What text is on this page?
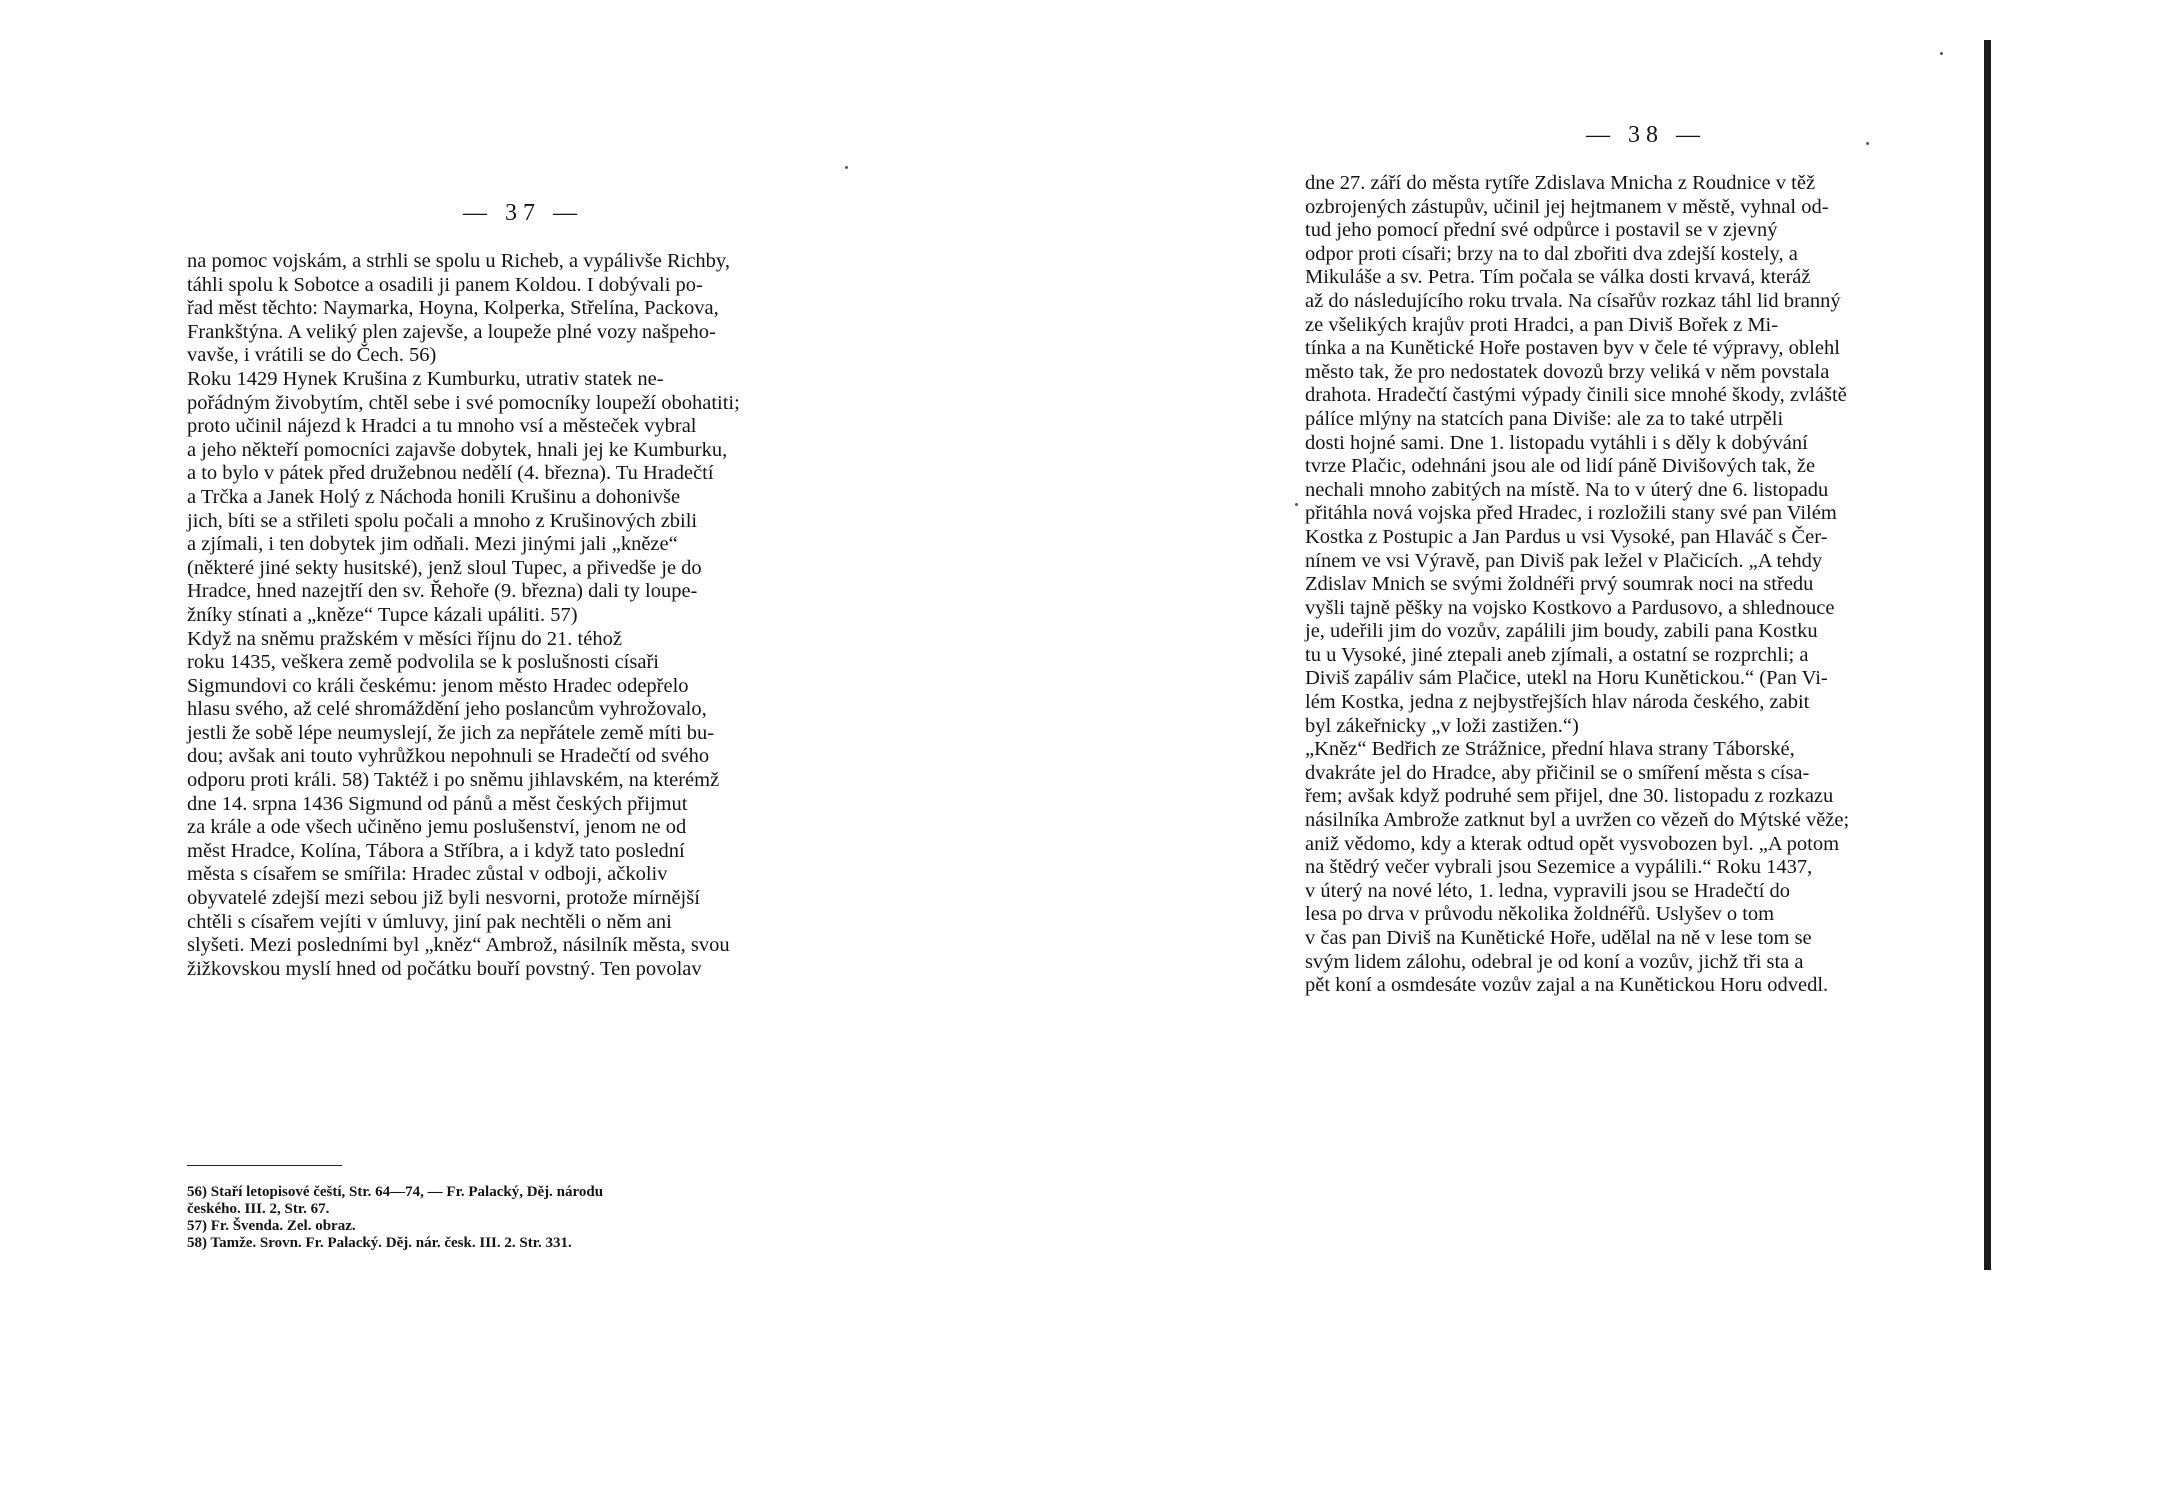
— 37 —
na pomoc vojskám, a strhli se spolu u Richeb, a vypálivše Richby,
táhli spolu k Sobotce a osadili ji panem Koldou. I dobývali po-
řad měst těchto: Naymarka, Hoyna, Kolperka, Střelína, Packova,
Frankštýna. A veliký plen zajevše, a loupeže plné vozy našpeho-
vavše, i vrátili se do Čech. 56)
Roku 1429 Hynek Krušina z Kumburku, utrativ statek ne-
pořádným živobytím, chtěl sebe i své pomocníky loupeží obohatiti;
proto učinil nájezd k Hradci a tu mnoho vsí a městeček vybral
a jeho někteří pomocníci zajavše dobytek, hnali jej ke Kumburku,
a to bylo v pátek před družebnou nedělí (4. března). Tu Hradečtí
a Trčka a Janek Holý z Náchoda honili Krušinu a dohonivše
jich, bíti se a střileti spolu počali a mnoho z Krušinových zbili
a zjímali, i ten dobytek jim odňali. Mezi jinými jali „kněze“
(některé jiné sekty husitské), jenž sloul Tupec, a přivedše je do
Hradce, hned nazejtří den sv. Řehoře (9. března) dali ty loupe-
žníky stínati a „kněze“ Tupce kázali upáliti. 57)
Když na sněmu pražském v měsíci říjnu do 21. téhož
roku 1435, veškera země podvolila se k poslušnosti císaři
Sigmundovi co králi českému: jenom město Hradec odepřelo
hlasu svého, až celé shromáždění jeho poslancům vyhrožovalo,
jestli že sobě lépe neumyslejí, že jich za nepřátele země míti bu-
dou; avšak ani touto vyhrůžkou nepohnuli se Hradečtí od svého
odporu proti králi. 58) Taktéž i po sněmu jihlavském, na kterémž
dne 14. srpna 1436 Sigmund od pánů a měst českých přijmut
za krále a ode všech učiněno jemu poslušenství, jenom ne od
měst Hradce, Kolína, Tábora a Stříbra, a i když tato poslední
města s císařem se smířila: Hradec zůstal v odboji, ačkoliv
obyvatelé zdejší mezi sebou již byli nesvorni, protože mírnější
chtěli s císařem vejíti v úmluvy, jiní pak nechtěli o něm ani
slyšeti. Mezi posledními byl „kněz“ Ambrož, násilník města, svou
žižkovskou myslí hned od počátku bouří povstný. Ten povolav
56) Staří letopisové čeští, Str. 64—74, — Fr. Palacký, Děj. národu
českého. III. 2, Str. 67.
57) Fr. Švenda. Zel. obraz.
58) Tamže. Srovn. Fr. Palacký. Děj. nár. česk. III. 2. Str. 331.
— 38 —
dne 27. září do města rytíře Zdislava Mnicha z Roudnice v těž
ozbrojených zástupův, učinil jej hejtmanem v městě, vyhnal od-
tud jeho pomocí přední své odpůrce i postavil se v zjevný
odpor proti císaři; brzy na to dal zbořiti dva zdejší kostely, a
Mikuláše a sv. Petra. Tím počala se válka dosti krvavá, kteráž
až do následujícího roku trvala. Na císařův rozkaz táhl lid branný
ze všelikých krajův proti Hradci, a pan Diviš Bořek z Mi-
tínka a na Kunětické Hoře postaven byv v čele té výpravy, oblehl
město tak, že pro nedostatek dovozů brzy veliká v něm povstala
drahota. Hradečtí častými výpady činili sice mnohé škody, zvláště
pálíce mlýny na statcích pana Diviše: ale za to také utrpěli
dosti hojné sami. Dne 1. listopadu vytáhli i s děly k dobývání
tvrze Plačic, odehnáni jsou ale od lidí páně Divišových tak, že
nechali mnoho zabitých na místě. Na to v úterý dne 6. listopadu
přitáhla nová vojska před Hradec, i rozložili stany své pan Vilém
Kostka z Postupic a Jan Pardus u vsi Vysoké, pan Hlaváč s Čer-
nínem ve vsi Výravě, pan Diviš pak ležel v Plačicích. „A tehdy
Zdislav Mnich se svými žoldnéři prvý soumrak noci na středu
vyšli tajně pěšky na vojsko Kostkovo a Pardusovo, a shlednouce
je, udeřili jim do vozův, zapálili jim boudy, zabili pana Kostku
tu u Vysoké, jiné ztepali aneb zjímali, a ostatní se rozprchli; a
Diviš zapáliv sám Plačice, utekl na Horu Kunětickou.“ (Pan Vi-
lém Kostka, jedna z nejbystřejších hlav národa českého, zabit
byl zákeřnicky „v loži zastižen.“)
„Kněz“ Bedřich ze Strážnice, přední hlava strany Táborské,
dvakráte jel do Hradce, aby přičinil se o smíření města s císa-
řem; avšak když podruhé sem přijel, dne 30. listopadu z rozkazu
násilníka Ambrože zatknut byl a uvržen co vězeň do Mýtské věže;
aniž vědomo, kdy a kterak odtud opět vysvobozen byl. „A potom
na štědrý večer vybrali jsou Sezemice a vypálili.“ Roku 1437,
v úterý na nové léto, 1. ledna, vypravili jsou se Hradečtí do
lesa po drva v průvodu několika žoldnéřů. Uslyšev o tom
v čas pan Diviš na Kunětické Hoře, udělal na ně v lese tom se
svým lidem zálohu, odebral je od koní a vozův, jichž tři sta a
pět koní a osmdesáte vozův zajal a na Kunětickou Horu odvedl.
